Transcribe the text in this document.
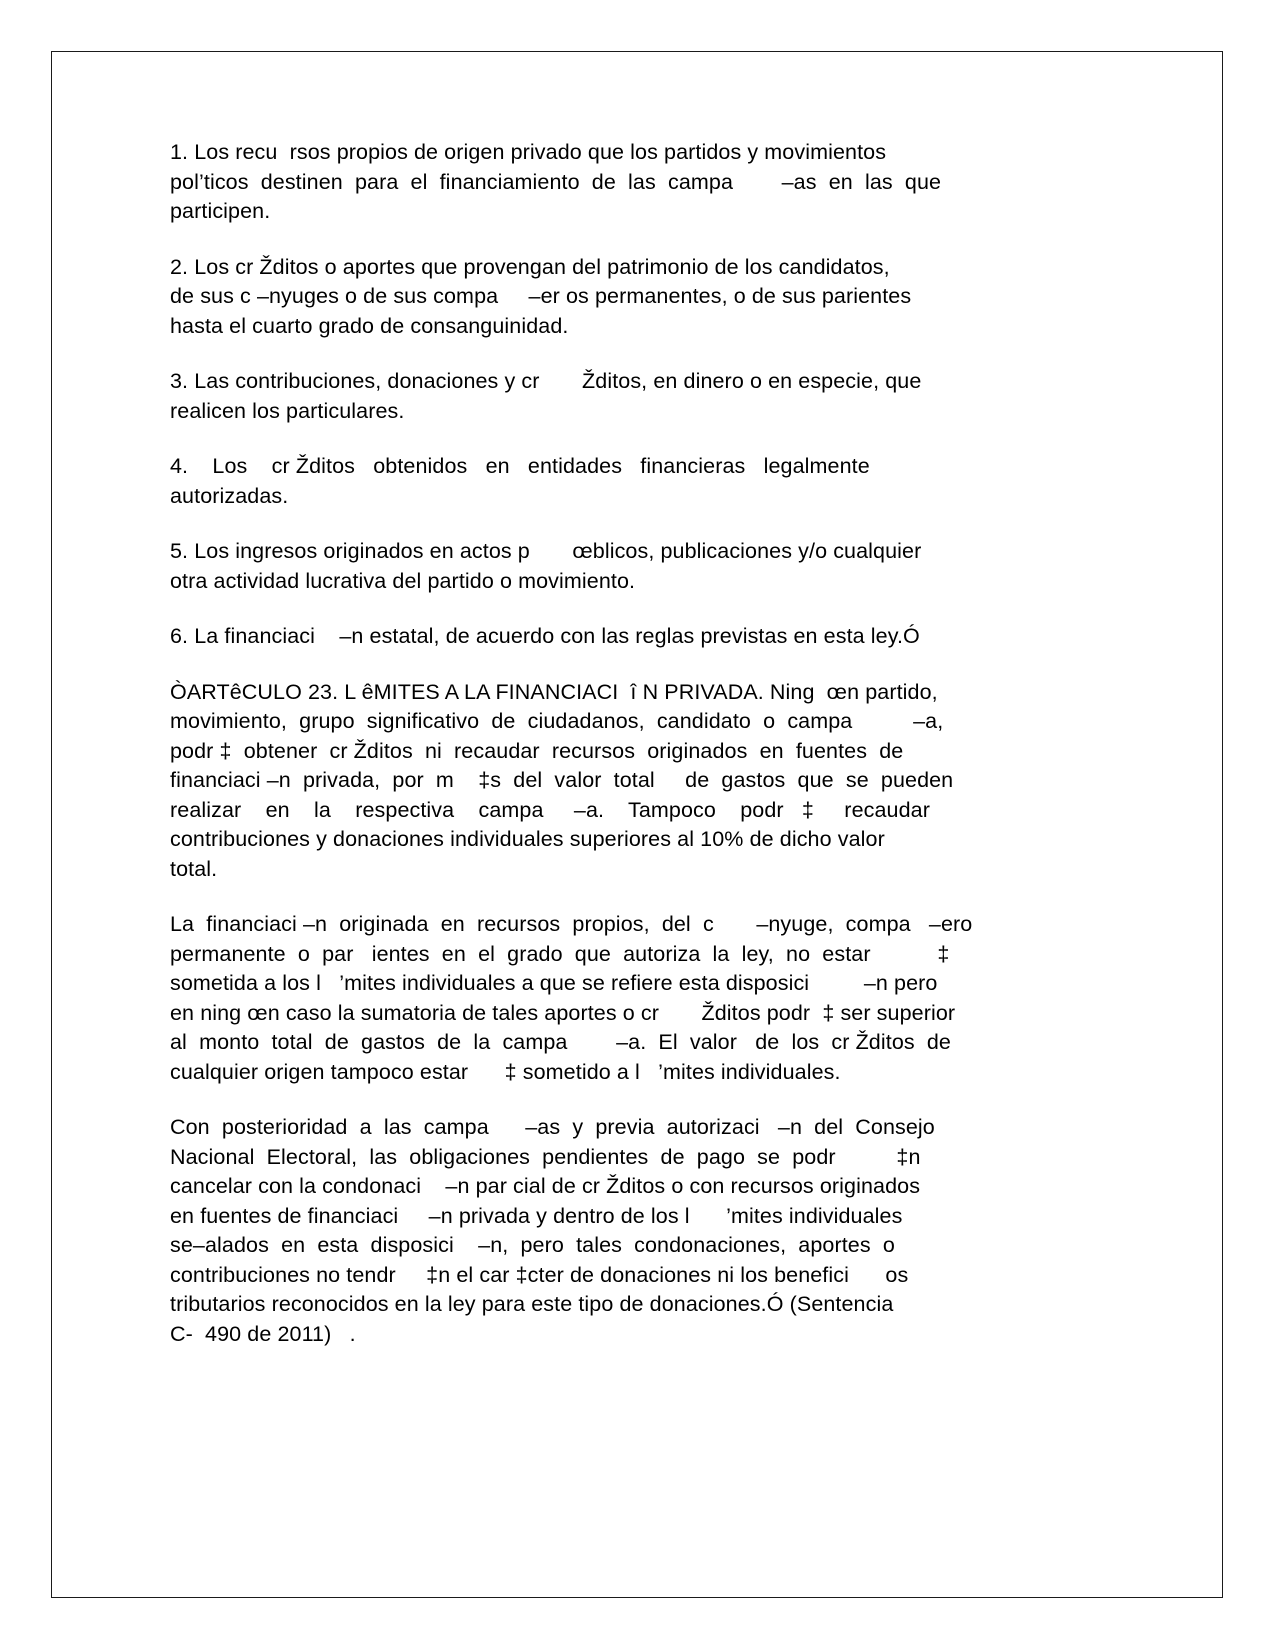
1. Los recu  rsos propios de origen privado que los partidos y movimientos
pol’ticos  destinen  para  el  financiamiento  de  las  campa        –as  en  las  que
participen.
2. Los cr Žditos o aportes que provengan del patrimonio de los candidatos,
de sus c –nyuges o de sus compa     –er os permanentes, o de sus parientes
hasta el cuarto grado de consanguinidad.
3. Las contribuciones, donaciones y cr       Žditos, en dinero o en especie, que
realicen los particulares.
4.    Los    cr Žditos   obtenidos   en   entidades   financieras   legalmente
autorizadas.
5. Los ingresos originados en actos p       œblicos, publicaciones y/o cualquier
otra actividad lucrativa del partido o movimiento.
6. La financiaci    –n estatal, de acuerdo con las reglas previstas en esta ley.Ó
ÒARTêCULO 23. L êMITES A LA FINANCIACI  î N PRIVADA. Ning  œn partido,
movimiento,  grupo  significativo  de  ciudadanos,  candidato  o  campa          –a,
podr ‡  obtener  cr Žditos  ni  recaudar  recursos  originados  en  fuentes  de
financiaci –n  privada,  por  m    ‡s  del  valor  total     de  gastos  que  se  pueden
realizar    en    la    respectiva    campa     –a.    Tampoco    podr   ‡     recaudar
contribuciones y donaciones individuales superiores al 10% de dicho valor
total.
La  financiaci –n  originada  en  recursos  propios,  del  c       –nyuge,  compa   –ero
permanente  o  par   ientes  en  el  grado  que  autoriza  la  ley,  no  estar           ‡
sometida a los l   ’mites individuales a que se refiere esta disposici         –n pero
en ning œn caso la sumatoria de tales aportes o cr       Žditos podr  ‡ ser superior
al  monto  total  de  gastos  de  la  campa        –a.  El  valor   de  los  cr Žditos  de
cualquier origen tampoco estar      ‡ sometido a l   ’mites individuales.
Con  posterioridad  a  las  campa      –as  y  previa  autorizaci   –n  del  Consejo
Nacional  Electoral,  las  obligaciones  pendientes  de  pago  se  podr          ‡n
cancelar con la condonaci    –n par cial de cr Žditos o con recursos originados
en fuentes de financiaci     –n privada y dentro de los l      ’mites individuales
se–alados  en  esta  disposici    –n,  pero  tales  condonaciones,  aportes  o
contribuciones no tendr     ‡n el car ‡cter de donaciones ni los benefici      os
tributarios reconocidos en la ley para este tipo de donaciones.Ó (Sentencia
C-  490 de 2011)   .
